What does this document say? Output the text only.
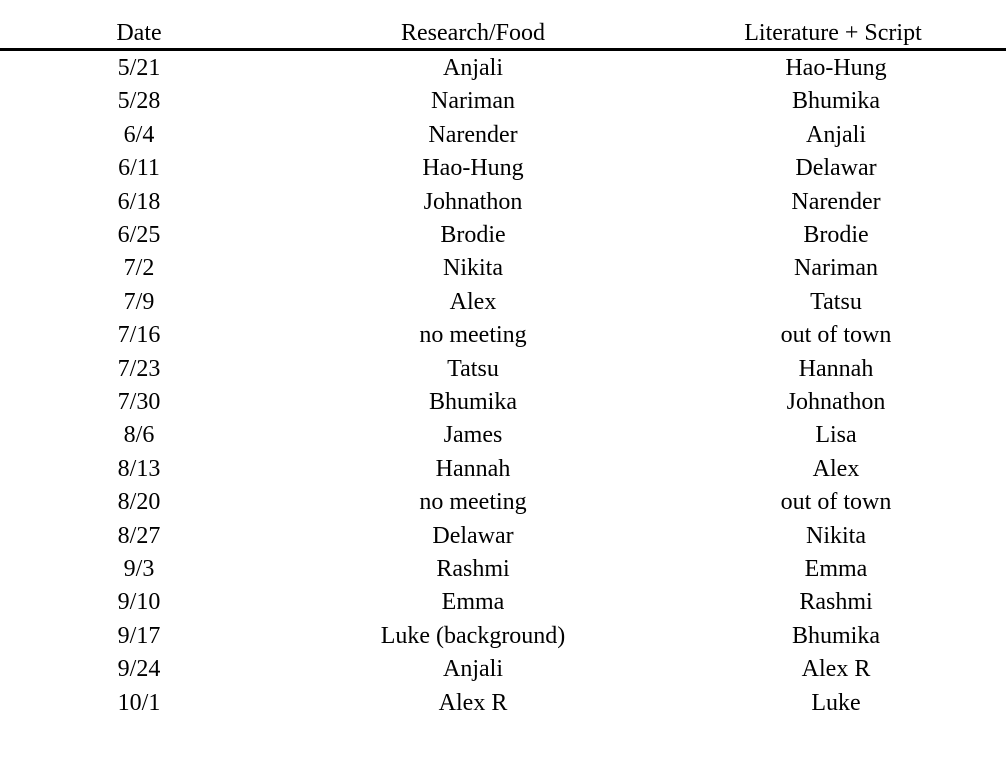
Date	Research/Food	Literature + Script
5/21	Anjali	Hao-Hung
5/28	Nariman	Bhumika
6/4	Narender	Anjali
6/11	Hao-Hung	Delawar
6/18	Johnathon	Narender
6/25	Brodie	Brodie
7/2	Nikita	Nariman
7/9	Alex	Tatsu
7/16	no meeting	out of town
7/23	Tatsu	Hannah
7/30	Bhumika	Johnathon
8/6	James	Lisa
8/13	Hannah	Alex
8/20	no meeting	out of town
8/27	Delawar	Nikita
9/3	Rashmi	Emma
9/10	Emma	Rashmi
9/17	Luke (background)	Bhumika
9/24	Anjali	Alex R
10/1	Alex R	Luke
